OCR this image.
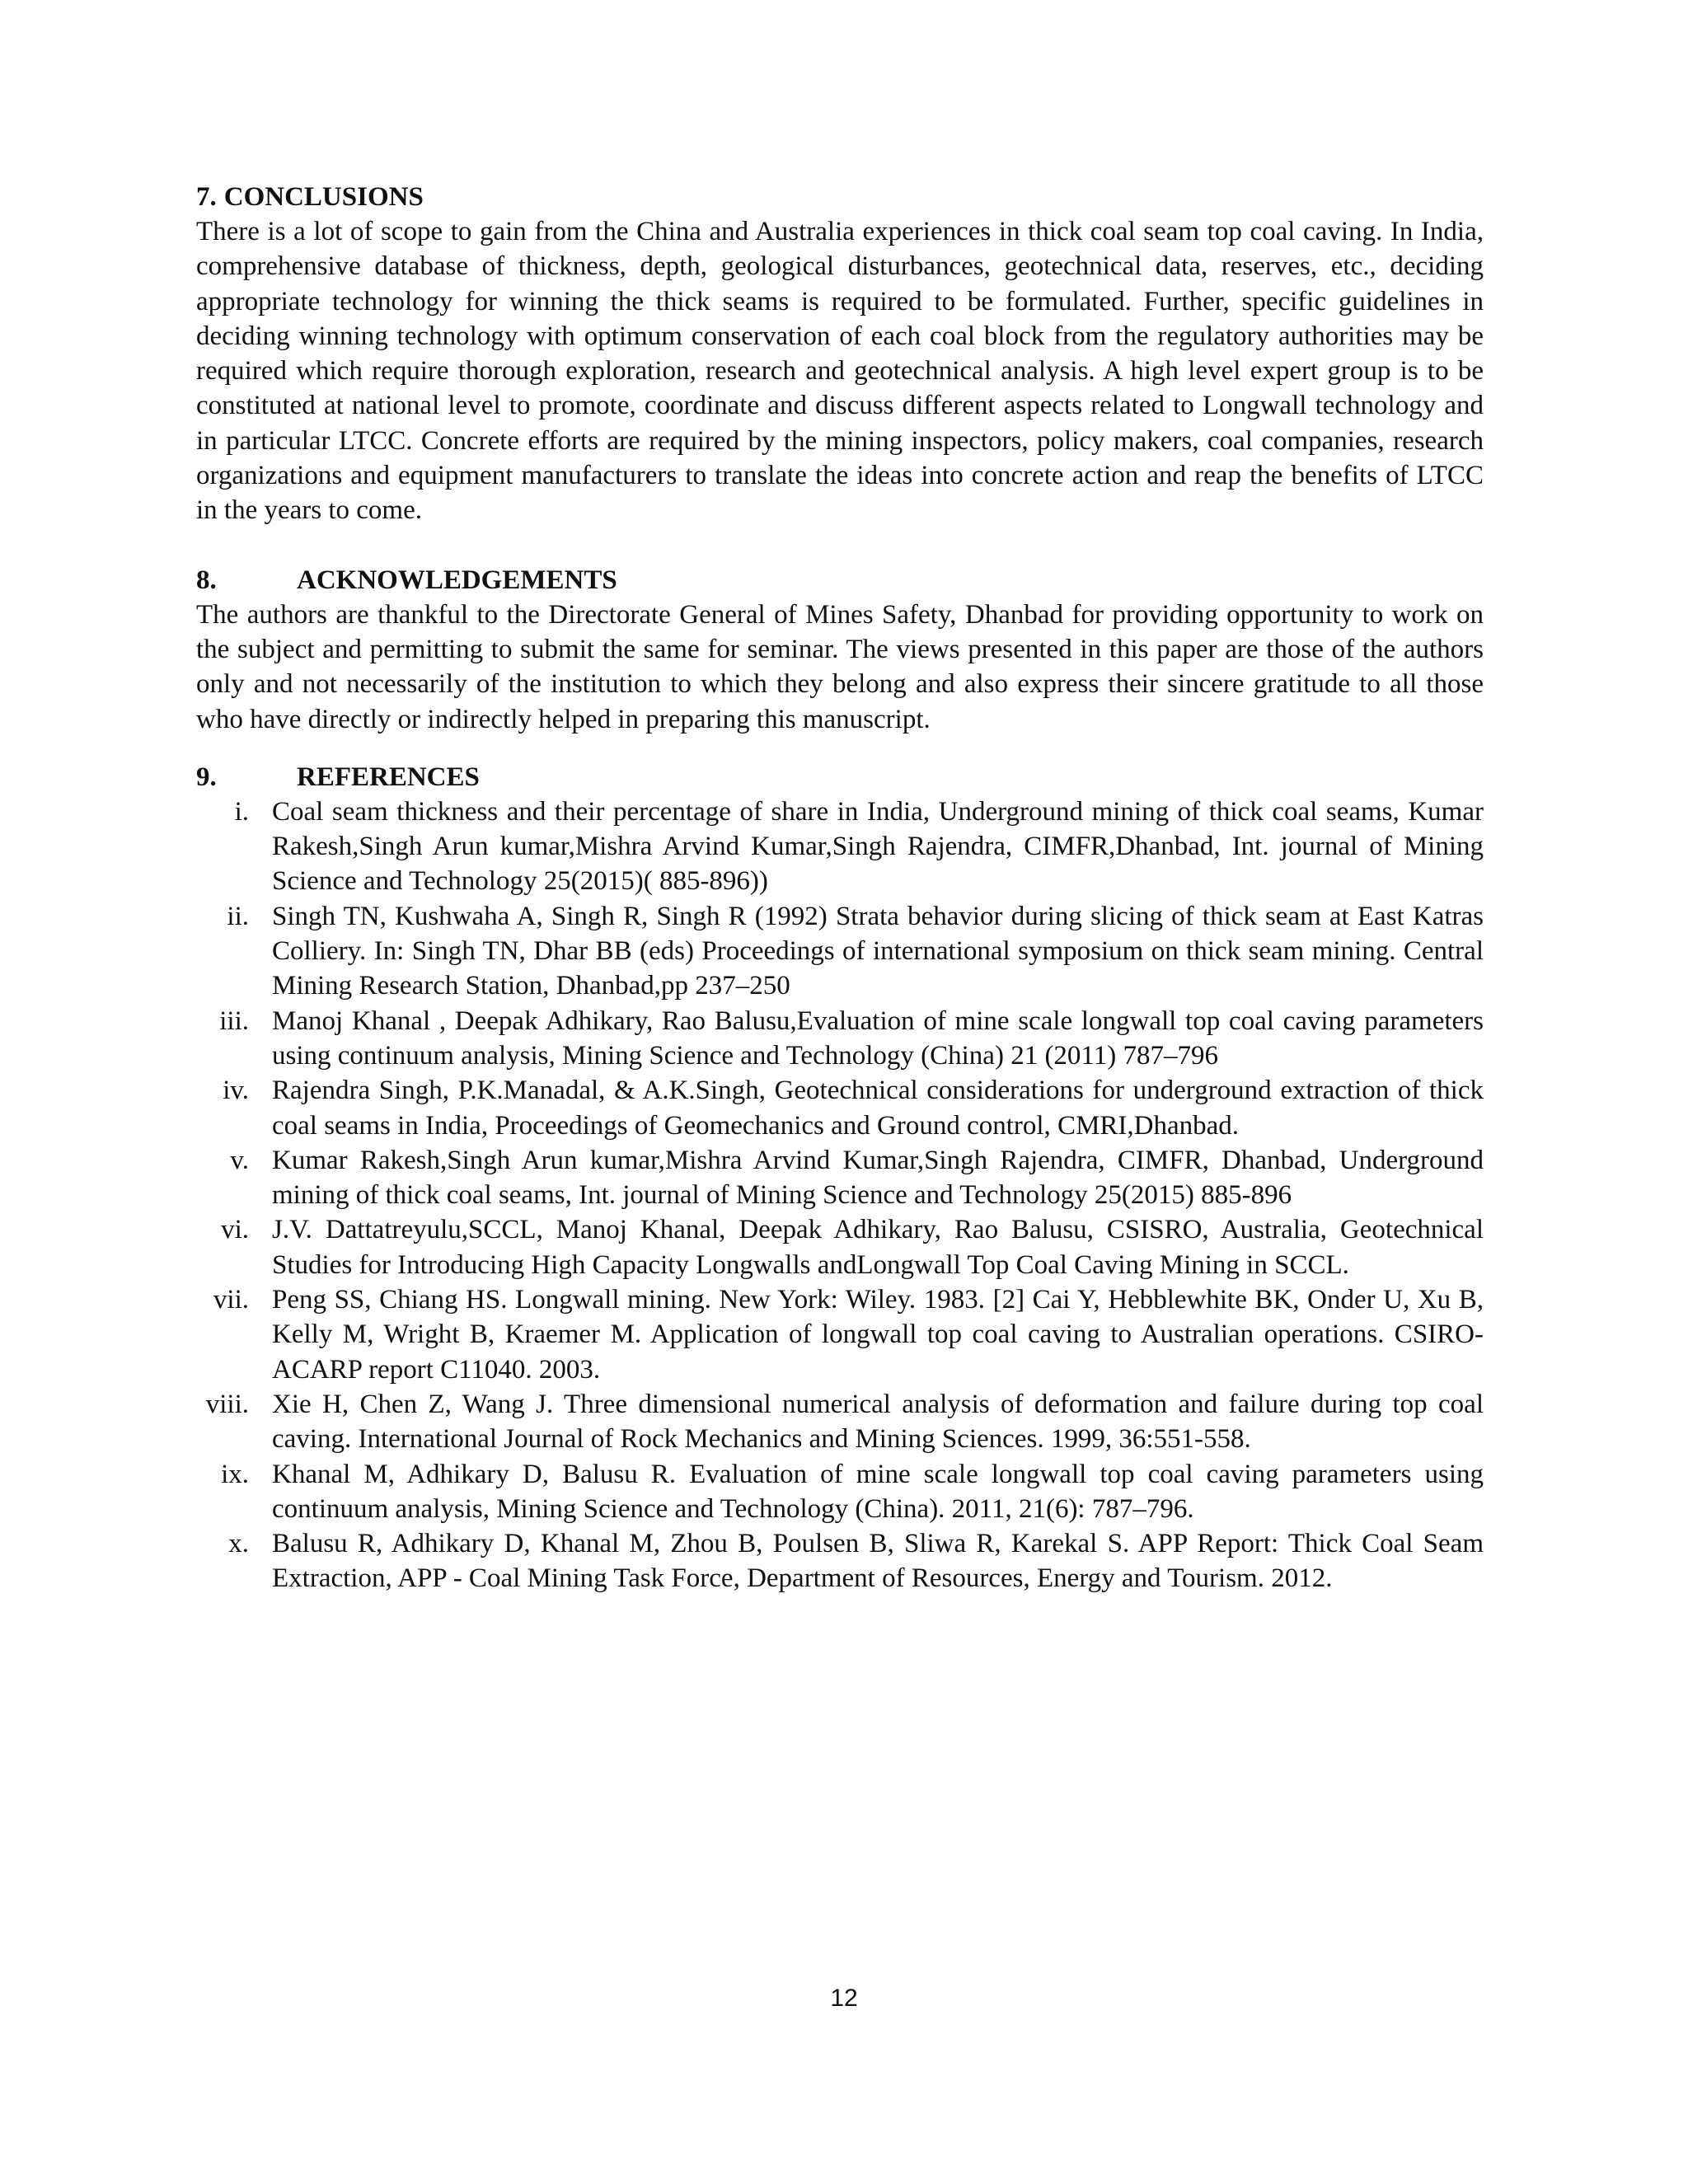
7. CONCLUSIONS

There is a lot of scope to gain from the China and Australia experiences in thick coal seam top coal caving. In India, comprehensive database of thickness, depth, geological disturbances, geotechnical data, reserves, etc., deciding appropriate technology for winning the thick seams is required to be formulated. Further, specific guidelines in deciding winning technology with optimum conservation of each coal block from the regulatory authorities may be required which require thorough exploration, research and geotechnical analysis. A high level expert group is to be constituted at national level to promote, coordinate and discuss different aspects related to Longwall technology and in particular LTCC. Concrete efforts are required by the mining inspectors, policy makers, coal companies, research organizations and equipment manufacturers to translate the ideas into concrete action and reap the benefits of LTCC in the years to come.

8.	ACKNOWLEDGEMENTS

The authors are thankful to the Directorate General of Mines Safety, Dhanbad for providing opportunity to work on the subject and permitting to submit the same for seminar. The views presented in this paper are those of the authors only and not necessarily of the institution to which they belong and also express their sincere gratitude to all those who have directly or indirectly helped in preparing this manuscript.

9.	REFERENCES
i. Coal seam thickness and their percentage of share in India, Underground mining of thick coal seams, Kumar Rakesh,Singh Arun kumar,Mishra Arvind Kumar,Singh Rajendra, CIMFR,Dhanbad, Int. journal of Mining Science and Technology 25(2015)( 885-896))
ii. Singh TN, Kushwaha A, Singh R, Singh R (1992) Strata behavior during slicing of thick seam at East Katras Colliery. In: Singh TN, Dhar BB (eds) Proceedings of international symposium on thick seam mining. Central Mining Research Station, Dhanbad,pp 237–250
iii. Manoj Khanal , Deepak Adhikary, Rao Balusu,Evaluation of mine scale longwall top coal caving parameters using continuum analysis, Mining Science and Technology (China) 21 (2011) 787–796
iv. Rajendra Singh, P.K.Manadal, & A.K.Singh, Geotechnical considerations for underground extraction of thick coal seams in India, Proceedings of Geomechanics and Ground control, CMRI,Dhanbad.
v. Kumar Rakesh,Singh Arun kumar,Mishra Arvind Kumar,Singh Rajendra, CIMFR, Dhanbad, Underground mining of thick coal seams, Int. journal of Mining Science and Technology 25(2015) 885-896
vi. J.V. Dattatreyulu,SCCL, Manoj Khanal, Deepak Adhikary, Rao Balusu, CSISRO, Australia, Geotechnical Studies for Introducing High Capacity Longwalls andLongwall Top Coal Caving Mining in SCCL.
vii. Peng SS, Chiang HS. Longwall mining. New York: Wiley. 1983. [2] Cai Y, Hebblewhite BK, Onder U, Xu B, Kelly M, Wright B, Kraemer M. Application of longwall top coal caving to Australian operations. CSIRO-ACARP report C11040. 2003.
viii. Xie H, Chen Z, Wang J. Three dimensional numerical analysis of deformation and failure during top coal caving. International Journal of Rock Mechanics and Mining Sciences. 1999, 36:551-558.
ix. Khanal M, Adhikary D, Balusu R. Evaluation of mine scale longwall top coal caving parameters using continuum analysis, Mining Science and Technology (China). 2011, 21(6): 787–796.
x. Balusu R, Adhikary D, Khanal M, Zhou B, Poulsen B, Sliwa R, Karekal S. APP Report: Thick Coal Seam Extraction, APP - Coal Mining Task Force, Department of Resources, Energy and Tourism. 2012.
12
